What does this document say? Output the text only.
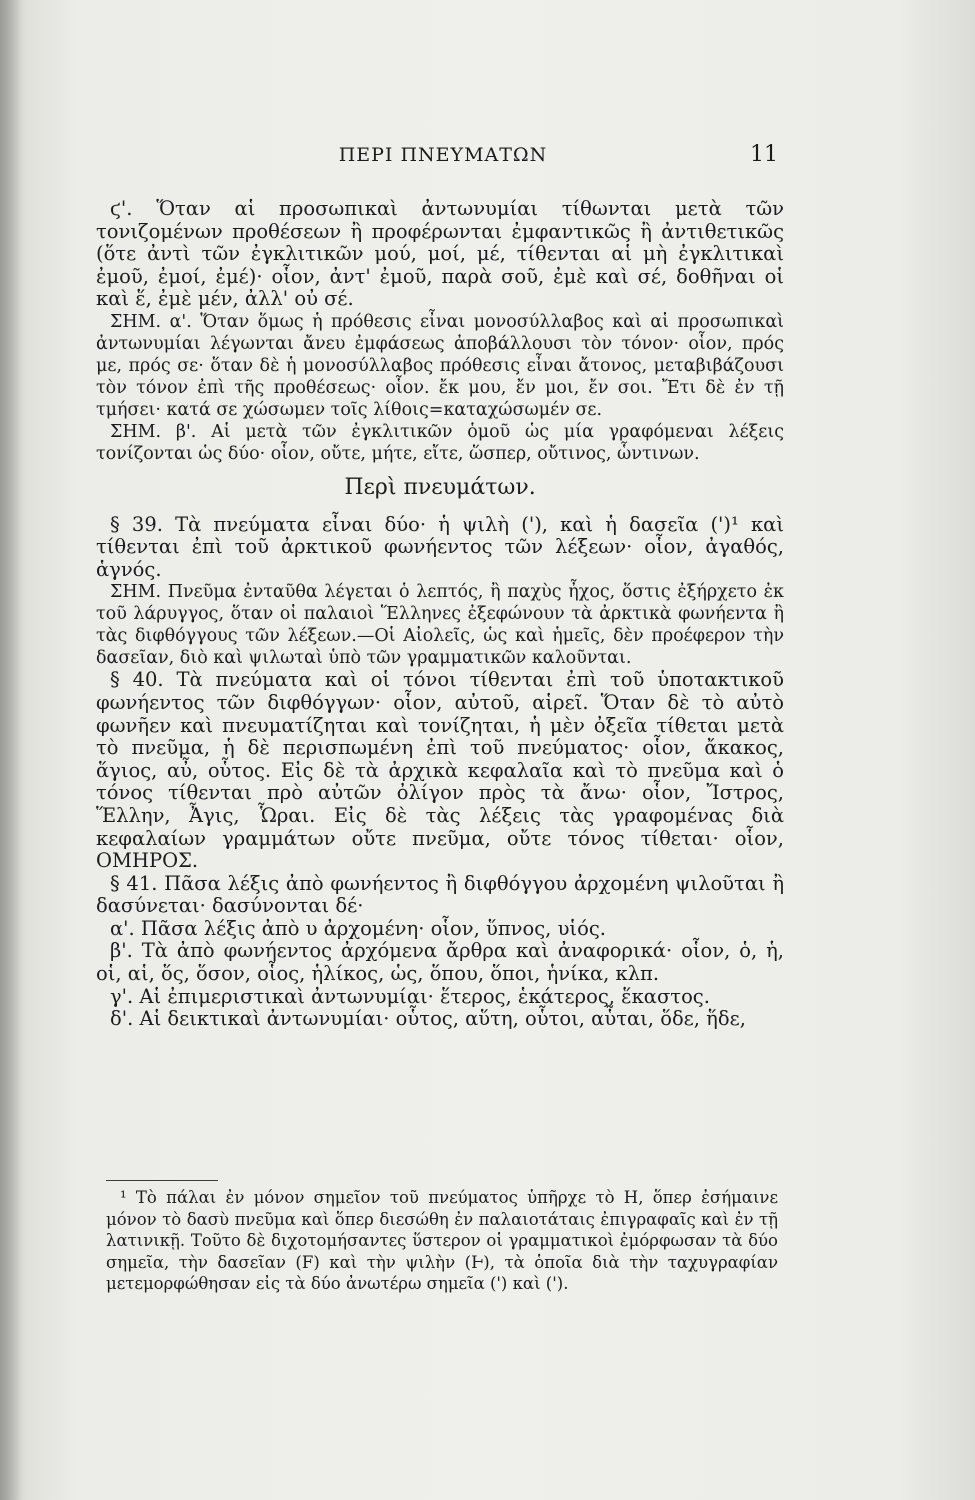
ΠΕΡΙ ΠΝΕΥΜΑΤΩΝ	11

ϛ'. Ὅταν αἱ προσωπικαὶ ἀντωνυμίαι τίθωνται μετὰ τῶν τονιζομένων προθέσεων ἢ προφέρωνται ἐμφαντικῶς ἢ ἀντιθετικῶς (ὅτε ἀντὶ τῶν ἐγκλιτικῶν μού, μοί, μέ, τίθενται αἱ μὴ ἐγκλιτικαὶ ἐμοῦ, ἐμοί, ἐμέ)· οἷον, ἀντ' ἐμοῦ, παρὰ σοῦ, ἐμὲ καὶ σέ, δοθῆναι οἱ καὶ ἕ, ἐμὲ μέν, ἀλλ' οὐ σέ.

ΣΗΜ. α'. Ὅταν ὅμως ἡ πρόθεσις εἶναι μονοσύλλαβος καὶ αἱ προσωπικαὶ ἀντωνυμίαι λέγωνται ἄνευ ἐμφάσεως ἀποβάλλουσι τὸν τόνον· οἷον, πρός με, πρός σε· ὅταν δὲ ἡ μονοσύλλαβος πρόθεσις εἶναι ἄτονος, μεταβιβάζουσι τὸν τόνον ἐπὶ τῆς προθέσεως· οἷον. ἔκ μου, ἔν μοι, ἔν σοι. Ἔτι δὲ ἐν τῇ τμήσει· κατά σε χώσωμεν τοῖς λίθοις=καταχώσωμέν σε.

ΣΗΜ. β'. Αἱ μετὰ τῶν ἐγκλιτικῶν ὁμοῦ ὡς μία γραφόμεναι λέξεις τονίζονται ὡς δύο· οἷον, οὔτε, μήτε, εἴτε, ὥσπερ, οὔτινος, ὧντινων.

Περὶ πνευμάτων.

§ 39. Τὰ πνεύματα εἶναι δύο· ἡ ψιλὴ ('), καὶ ἡ δασεῖα (')¹ καὶ τίθενται ἐπὶ τοῦ ἀρκτικοῦ φωνήεντος τῶν λέξεων· οἷον, ἀγαθός, ἁγνός.

ΣΗΜ. Πνεῦμα ἐνταῦθα λέγεται ὁ λεπτός, ἢ παχὺς ἦχος, ὅστις ἐξήρχετο ἐκ τοῦ λάρυγγος, ὅταν οἱ παλαιοὶ Ἕλληνες ἐξεφώνουν τὰ ἀρκτικὰ φωνήεντα ἢ τὰς διφθόγγους τῶν λέξεων.—Οἱ Αἰολεῖς, ὡς καὶ ἡμεῖς, δὲν προέφερον τὴν δασεῖαν, διὸ καὶ ψιλωταὶ ὑπὸ τῶν γραμματικῶν καλοῦνται.

§ 40. Τὰ πνεύματα καὶ οἱ τόνοι τίθενται ἐπὶ τοῦ ὑποτακτικοῦ φωνήεντος τῶν διφθόγγων· οἷον, αὐτοῦ, αἱρεῖ. Ὅταν δὲ τὸ αὐτὸ φωνῆεν καὶ πνευματίζηται καὶ τονίζηται, ἡ μὲν ὀξεῖα τίθεται μετὰ τὸ πνεῦμα, ἡ δὲ περισπωμένη ἐπὶ τοῦ πνεύματος· οἷον, ἄκακος, ἅγιος, αὖ, οὗτος. Εἰς δὲ τὰ ἀρχικὰ κεφαλαῖα καὶ τὸ πνεῦμα καὶ ὁ τόνος τίθενται πρὸ αὐτῶν ὀλίγον πρὸς τὰ ἄνω· οἷον, Ἴστρος, Ἕλλην, Ἆγις, Ὧραι. Εἰς δὲ τὰς λέξεις τὰς γραφομένας διὰ κεφαλαίων γραμμάτων οὔτε πνεῦμα, οὔτε τόνος τίθεται· οἷον, ΟΜΗΡΟΣ.

§ 41. Πᾶσα λέξις ἀπὸ φωνήεντος ἢ διφθόγγου ἀρχομένη ψιλοῦται ἢ δασύνεται· δασύνονται δέ·

α'. Πᾶσα λέξις ἀπὸ υ ἀρχομένη· οἷον, ὕπνος, υἱός.

β'. Τὰ ἀπὸ φωνήεντος ἀρχόμενα ἄρθρα καὶ ἀναφορικά· οἷον, ὁ, ἡ, οἱ, αἱ, ὅς, ὅσον, οἷος, ἡλίκος, ὡς, ὅπου, ὅποι, ἡνίκα, κλπ.

γ'. Αἱ ἐπιμεριστικαὶ ἀντωνυμίαι· ἕτερος, ἑκάτερος, ἕκαστος.

δ'. Αἱ δεικτικαὶ ἀντωνυμίαι· οὗτος, αὕτη, οὗτοι, αὗται, ὅδε, ἥδε,

¹ Τὸ πάλαι ἐν μόνον σημεῖον τοῦ πνεύματος ὑπῆρχε τὸ Η, ὅπερ ἐσήμαινε μόνον τὸ δασὺ πνεῦμα καὶ ὅπερ διεσώθη ἐν παλαιοτάταις ἐπιγραφαῖς καὶ ἐν τῇ λατινικῇ. Τοῦτο δὲ διχοτομήσαντες ὕστερον οἱ γραμματικοὶ ἐμόρφωσαν τὰ δύο σημεῖα, τὴν δασεῖαν (F) καὶ τὴν ψιλὴν (Ⱶ), τὰ ὁποῖα διὰ τὴν ταχυγραφίαν μετεμορφώθησαν εἰς τὰ δύο ἀνωτέρω σημεῖα (') καὶ (').
